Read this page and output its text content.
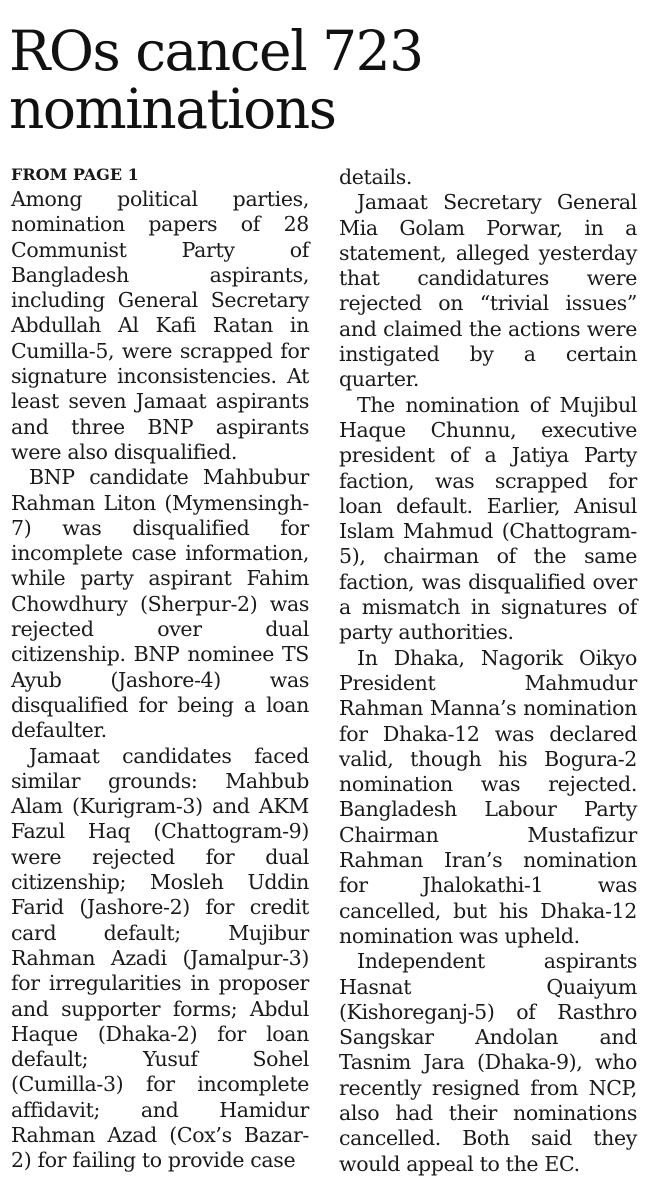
ROs cancel 723 nominations
FROM PAGE 1

Among political parties, nomination papers of 28 Communist Party of Bangladesh aspirants, including General Secretary Abdullah Al Kafi Ratan in Cumilla-5, were scrapped for signature inconsistencies. At least seven Jamaat aspirants and three BNP aspirants were also disqualified.

BNP candidate Mahbubur Rahman Liton (Mymensingh-7) was disqualified for incomplete case information, while party aspirant Fahim Chowdhury (Sherpur-2) was rejected over dual citizenship. BNP nominee TS Ayub (Jashore-4) was disqualified for being a loan defaulter.

Jamaat candidates faced similar grounds: Mahbub Alam (Kurigram-3) and AKM Fazul Haq (Chattogram-9) were rejected for dual citizenship; Mosleh Uddin Farid (Jashore-2) for credit card default; Mujibur Rahman Azadi (Jamalpur-3) for irregularities in proposer and supporter forms; Abdul Haque (Dhaka-2) for loan default; Yusuf Sohel (Cumilla-3) for incomplete affidavit; and Hamidur Rahman Azad (Cox’s Bazar-2) for failing to provide case

details.

Jamaat Secretary General Mia Golam Porwar, in a statement, alleged yesterday that candidatures were rejected on “trivial issues” and claimed the actions were instigated by a certain quarter.

The nomination of Mujibul Haque Chunnu, executive president of a Jatiya Party faction, was scrapped for loan default. Earlier, Anisul Islam Mahmud (Chattogram-5), chairman of the same faction, was disqualified over a mismatch in signatures of party authorities.

In Dhaka, Nagorik Oikyo President Mahmudur Rahman Manna’s nomination for Dhaka-12 was declared valid, though his Bogura-2 nomination was rejected. Bangladesh Labour Party Chairman Mustafizur Rahman Iran’s nomination for Jhalokathi-1 was cancelled, but his Dhaka-12 nomination was upheld.

Independent aspirants Hasnat Quaiyum (Kishoreganj-5) of Rasthro Sangskar Andolan and Tasnim Jara (Dhaka-9), who recently resigned from NCP, also had their nominations cancelled. Both said they would appeal to the EC.
